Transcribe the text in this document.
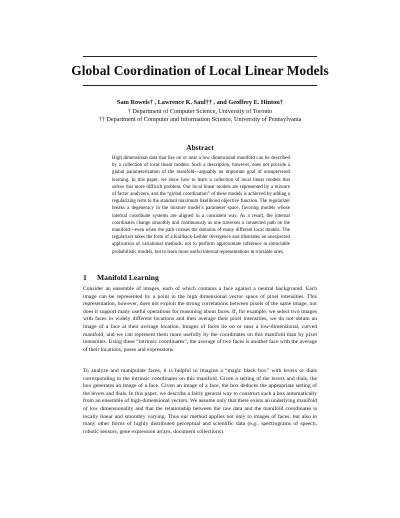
Global Coordination of Local Linear Models
Sam Roweis† , Lawrence K. Saul†† , and Geoffrey E. Hinton†
† Department of Computer Science, University of Toronto
†† Department of Computer and Information Science, University of Pennsylvania
Abstract

High dimensional data that lies on or near a low dimensional manifold can be described by a collection of local linear models. Such a description, however, does not provide a global parameterization of the manifold—arguably an important goal of unsupervised learning. In this paper, we show how to learn a collection of local linear models that solves this more difficult problem. Our local linear models are represented by a mixture of factor analyzers, and the “global coordination” of these models is achieved by adding a regularizing term to the standard maximum likelihood objective function. The regularizer breaks a degeneracy in the mixture model’s parameter space, favoring models whose internal coordinate systems are aligned in a consistent way. As a result, the internal coordinates change smoothly and continuously as one traverses a connected path on the manifold—even when the path crosses the domains of many different local models. The regularizer takes the form of a Kullback-Leibler divergence and illustrates an unexpected application of variational methods: not to perform approximate inference in intractable probabilistic models, but to learn more useful internal representations in tractable ones.

1 Manifold Learning

Consider an ensemble of images, each of which contains a face against a neutral background. Each image can be represented by a point in the high dimensional vector space of pixel intensities. This representation, however, does not exploit the strong correlations between pixels of the same image, nor does it support many useful operations for reasoning about faces. If, for example, we select two images with faces in widely different locations and then average their pixel intensities, we do not obtain an image of a face at their average location. Images of faces lie on or near a low-dimensional, curved manifold, and we can represent them more usefully by the coordinates on this manifold than by pixel intensities. Using these “intrinsic coordinates”, the average of two faces is another face with the average of their locations, poses and expressions.

To analyze and manipulate faces, it is helpful to imagine a “magic black box” with levers or dials corresponding to the intrinsic coordinates on this manifold. Given a setting of the levers and dials, the box generates an image of a face. Given an image of a face, the box deduces the appropriate setting of the levers and dials. In this paper, we describe a fairly general way to construct such a box automatically from an ensemble of high-dimensional vectors. We assume only that there exists an underlying manifold of low dimensionality and that the relationship between the raw data and the manifold coordinates is locally linear and smoothly varying. Thus our method applies not only to images of faces, but also to many other forms of highly distributed perceptual and scientific data (e.g., spectrograms of speech, robotic sensors, gene expression arrays, document collections).
